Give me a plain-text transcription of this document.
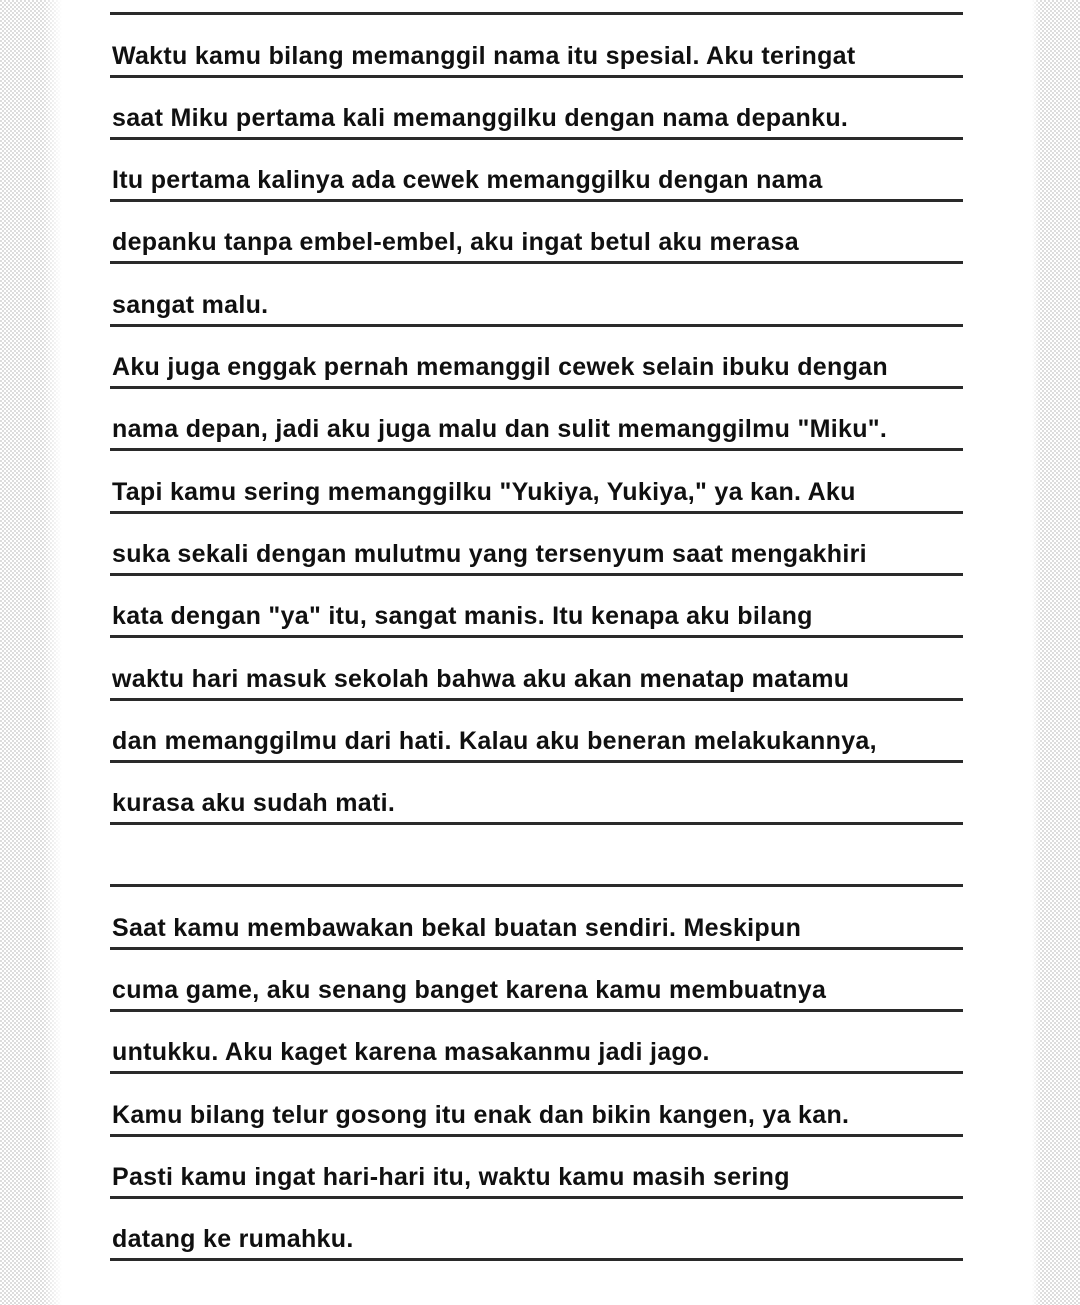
Waktu kamu bilang memanggil nama itu spesial. Aku teringat
saat Miku pertama kali memanggilku dengan nama depanku.
Itu pertama kalinya ada cewek memanggilku dengan nama
depanku tanpa embel-embel, aku ingat betul aku merasa
sangat malu.
Aku juga enggak pernah memanggil cewek selain ibuku dengan
nama depan, jadi aku juga malu dan sulit memanggilmu "Miku".
Tapi kamu sering memanggilku "Yukiya, Yukiya," ya kan. Aku
suka sekali dengan mulutmu yang tersenyum saat mengakhiri
kata dengan "ya" itu, sangat manis. Itu kenapa aku bilang
waktu hari masuk sekolah bahwa aku akan menatap matamu
dan memanggilmu dari hati. Kalau aku beneran melakukannya,
kurasa aku sudah mati.
Saat kamu membawakan bekal buatan sendiri. Meskipun
cuma game, aku senang banget karena kamu membuatnya
untukku. Aku kaget karena masakanmu jadi jago.
Kamu bilang telur gosong itu enak dan bikin kangen, ya kan.
Pasti kamu ingat hari-hari itu, waktu kamu masih sering
datang ke rumahku.
